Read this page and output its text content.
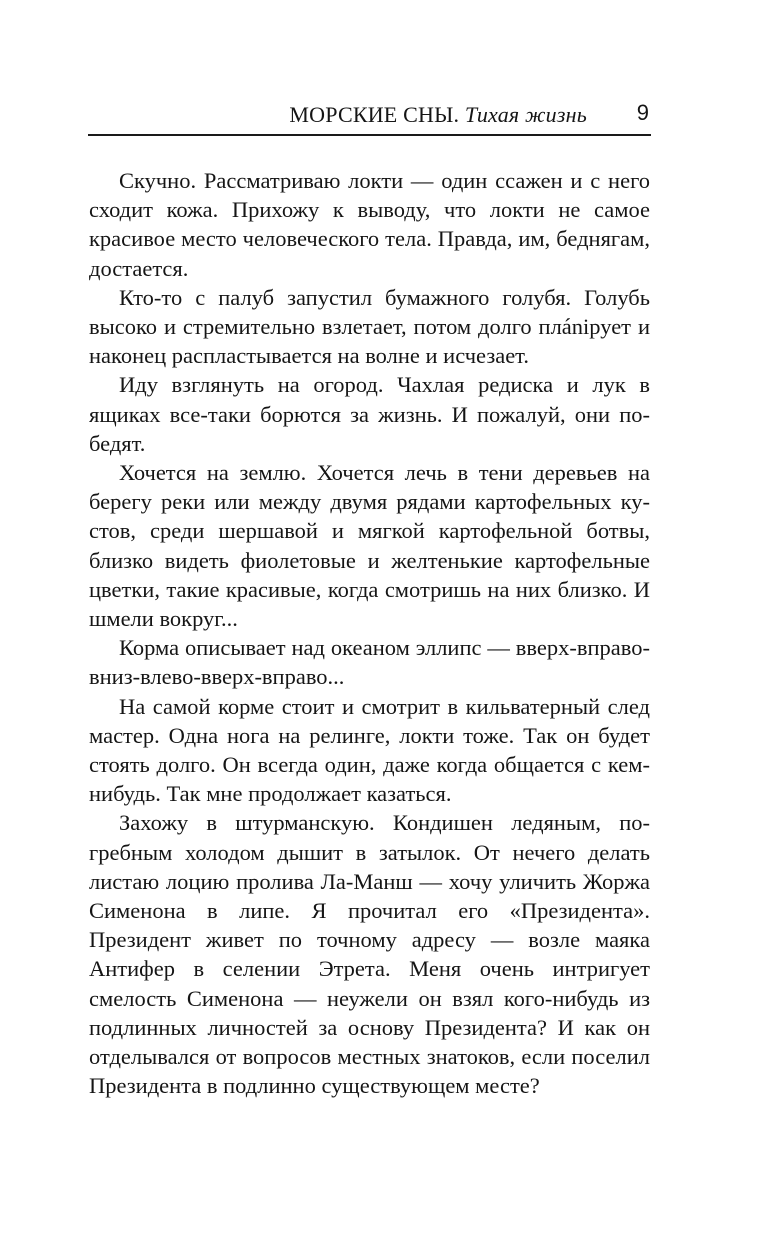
МОРСКИЕ СНЫ. Тихая жизнь 9

Скучно. Рассматриваю локти — один ссажен и с него сходит кожа. Прихожу к выводу, что локти не самое красивое место человеческого тела. Правда, им, беднягам, достается.

Кто-то с палуб запустил бумажного голубя. Голубь высоко и стремительно взлетает, потом долго плániрует и наконец распластывается на волне и исчезает.

Иду взглянуть на огород. Чахлая редиска и лук в ящиках все-таки борются за жизнь. И пожалуй, они победят.

Хочется на землю. Хочется лечь в тени деревьев на берегу реки или между двумя рядами картофельных кустов, среди шершавой и мягкой картофельной ботвы, близко видеть фиолетовые и желтенькие картофельные цветки, такие красивые, когда смотришь на них близко. И шмели вокруг...

Корма описывает над океаном эллипс — вверх-вправо-вниз-влево-вверх-вправо...

На самой корме стоит и смотрит в кильватерный след мастер. Одна нога на релинге, локти тоже. Так он будет стоять долго. Он всегда один, даже когда общается с кем-нибудь. Так мне продолжает казаться.

Захожу в штурманскую. Кондишен ледяным, погребным холодом дышит в затылок. От нечего делать листаю лоцию пролива Ла-Манш — хочу уличить Жоржа Сименона в липе. Я прочитал его «Президента». Президент живет по точному адресу — возле маяка Антифер в селении Этрета. Меня очень интригует смелость Сименона — неужели он взял кого-нибудь из подлинных личностей за основу Президента? И как он отделывался от вопросов местных знатоков, если поселил Президента в подлинно существующем месте?
